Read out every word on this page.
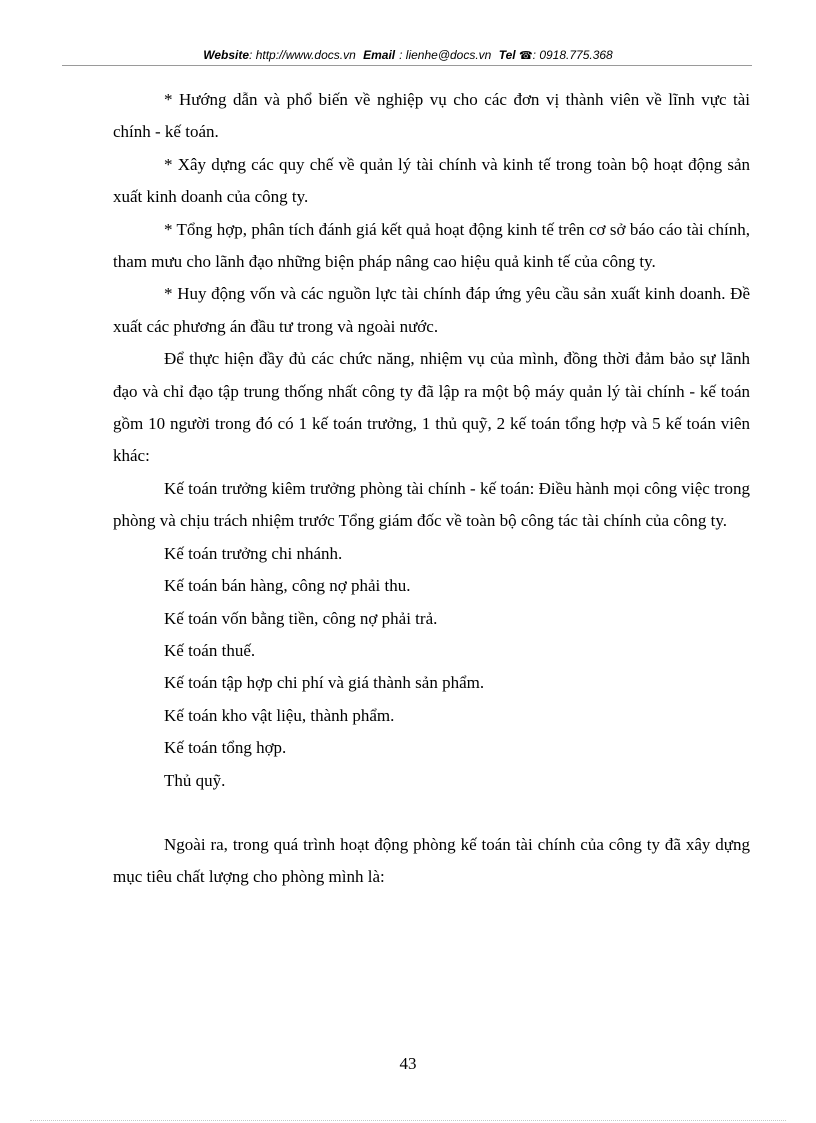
Website: http://www.docs.vn Email : lienhe@docs.vn Tel ☎: 0918.775.368

* Hướng dẫn và phổ biến về nghiệp vụ cho các đơn vị thành viên về lĩnh vực tài chính - kế toán.

* Xây dựng các quy chế về quản lý tài chính và kinh tế trong toàn bộ hoạt động sản xuất kinh doanh của công ty.

* Tổng hợp, phân tích đánh giá kết quả hoạt động kinh tế trên cơ sở báo cáo tài chính, tham mưu cho lãnh đạo những biện pháp nâng cao hiệu quả kinh tế của công ty.

* Huy động vốn và các nguồn lực tài chính đáp ứng yêu cầu sản xuất kinh doanh. Đề xuất các phương án đầu tư trong và ngoài nước.

Để thực hiện đầy đủ các chức năng, nhiệm vụ của mình, đồng thời đảm bảo sự lãnh đạo và chỉ đạo tập trung thống nhất công ty đã lập ra một bộ máy quản lý tài chính - kế toán gồm 10 người trong đó có 1 kế toán trưởng, 1 thủ quỹ, 2 kế toán tổng hợp và 5 kế toán viên khác:

Kế toán trưởng kiêm trưởng phòng tài chính - kế toán: Điều hành mọi công việc trong phòng và chịu trách nhiệm trước Tổng giám đốc về toàn bộ công tác tài chính của công ty.

Kế toán trưởng chi nhánh.

Kế toán bán hàng, công nợ phải thu.

Kế toán vốn bằng tiền, công nợ phải trả.

Kế toán thuế.

Kế toán tập hợp chi phí và giá thành sản phẩm.

Kế toán kho vật liệu, thành phẩm.

Kế toán tổng hợp.

Thủ quỹ.

Ngoài ra, trong quá trình hoạt động phòng kế toán tài chính của công ty đã xây dựng mục tiêu chất lượng cho phòng mình là:

43
